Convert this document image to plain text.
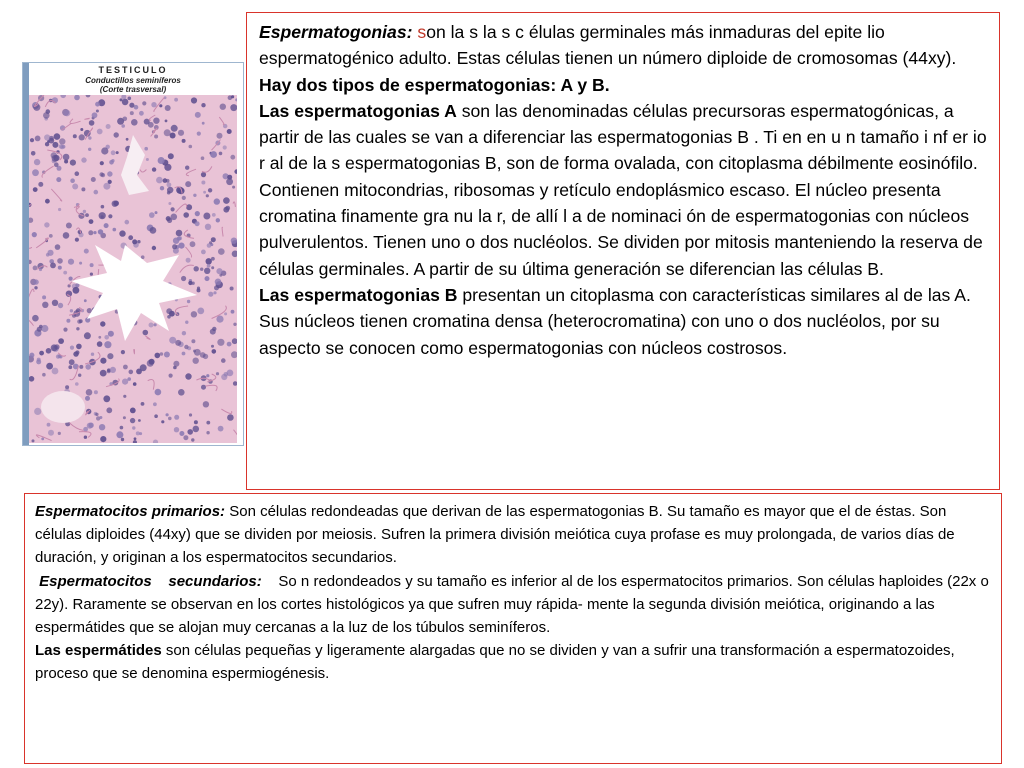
TESTICULO
Conductillos seminíferos
(Corte trasversal)

Espermatogonias: son la s la s c élulas germinales más inmaduras del epite lio espermatogénico adulto. Estas células tienen un número diploide de cromosomas (44xy).

Hay dos tipos de espermatogonias: A y B.

Las espermatogonias A son las denominadas células precursoras espermatogónicas, a partir de las cuales se van a diferenciar las espermatogonias B . Ti en en u n tamaño i nf er io r al de la s espermatogonias B, son de forma ovalada, con citoplasma débilmente eosinófilo. Contienen mitocondrias, ribosomas y retículo endoplásmico escaso. El núcleo presenta cromatina finamente gra nu la r, de allí l a de nominaci ón de espermatogonias con núcleos pulverulentos. Tienen uno o dos nucléolos. Se dividen por mitosis manteniendo la reserva de células germinales. A partir de su última generación se diferencian las células B.

Las espermatogonias B presentan un citoplasma con características similares al de las A. Sus núcleos tienen cromatina densa (heterocromatina) con uno o dos nucléolos, por su aspecto se conocen como espermatogonias con núcleos costrosos.

Espermatocitos primarios: Son células redondeadas que derivan de las espermatogonias B. Su tamaño es mayor que el de éstas. Son células diploides (44xy) que se dividen por meiosis. Sufren la primera división meiótica cuya profase es muy prolongada, de varios días de duración, y originan a los espermatocitos secundarios.

Espermatocitos    secundarios:    So n redondeados y su tamaño es inferior al de los espermatocitos primarios. Son células haploides (22x o 22y). Raramente se observan en los cortes histológicos ya que sufren muy rápida- mente la segunda división meiótica, originando a las espermátides que se alojan muy cercanas a la luz de los túbulos seminíferos.

Las espermátides son células pequeñas y ligeramente alargadas que no se dividen y van a sufrir una transformación a espermatozoides, proceso que se denomina espermiogénesis.
